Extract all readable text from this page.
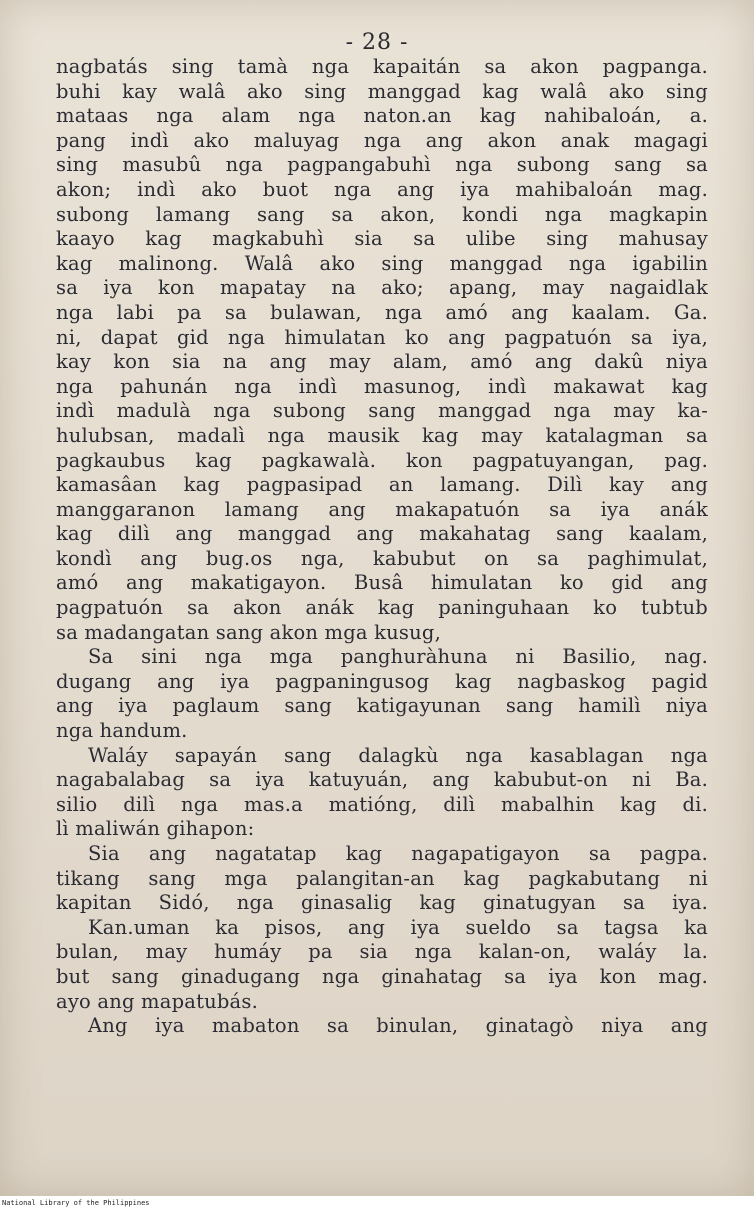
- 28 -
nagbatás sing tamà nga kapaitán sa akon pagpanga.
buhi kay walâ ako sing manggad kag walâ ako sing
mataas nga alam nga naton.an kag nahibaloán, a.
pang indì ako maluyag nga ang akon anak magagi
sing masubû nga pagpangabuhì nga subong sang sa
akon; indì ako buot nga ang iya mahibaloán mag.
subong lamang sang sa akon, kondi nga magkapin
kaayo kag magkabuhì sia sa ulibe sing mahusay
kag malinong. Walâ ako sing manggad nga igabilin
sa iya kon mapatay na ako; apang, may nagaidlak
nga labi pa sa bulawan, nga amó ang kaalam. Ga.
ni, dapat gid nga himulatan ko ang pagpatuón sa iya,
kay kon sia na ang may alam, amó ang dakû niya
nga pahunán nga indì masunog, indì makawat kag
indì madulà nga subong sang manggad nga may ka-
hulubsan, madalì nga mausik kag may katalagman sa
pagkaubus kag pagkawalà. kon pagpatuyangan, pag.
kamasâan kag pagpasipad an lamang. Dilì kay ang
manggaranon lamang ang makapatuón sa iya anák
kag dilì ang manggad ang makahatag sang kaalam,
kondì ang bug.os nga, kabubut on sa paghimulat,
amó ang makatigayon. Busâ himulatan ko gid ang
pagpatuón sa akon anák kag paninguhaan ko tubtub
sa madangatan sang akon mga kusug,
Sa sini nga mga panghuràhuna ni Basilio, nag.
dugang ang iya pagpaningusog kag nagbaskog pagid
ang iya paglaum sang katigayunan sang hamilì niya
nga handum.
Waláy sapayán sang dalagkù nga kasablagan nga
nagabalabag sa iya katuyuán, ang kabubut-on ni Ba.
silio dilì nga mas.a matióng, dilì mabalhin kag di.
lì maliwán gihapon:
Sia ang nagatatap kag nagapatigayon sa pagpa.
tikang sang mga palangitan-an kag pagkabutang ni
kapitan Sidó, nga ginasalig kag ginatugyan sa iya.
Kan.uman ka pisos, ang iya sueldo sa tagsa ka
bulan, may humáy pa sia nga kalan-on, waláy la.
but sang ginadugang nga ginahatag sa iya kon mag.
ayo ang mapatubás.
Ang iya mabaton sa binulan, ginatagò niya ang
National Library of the Philippines
